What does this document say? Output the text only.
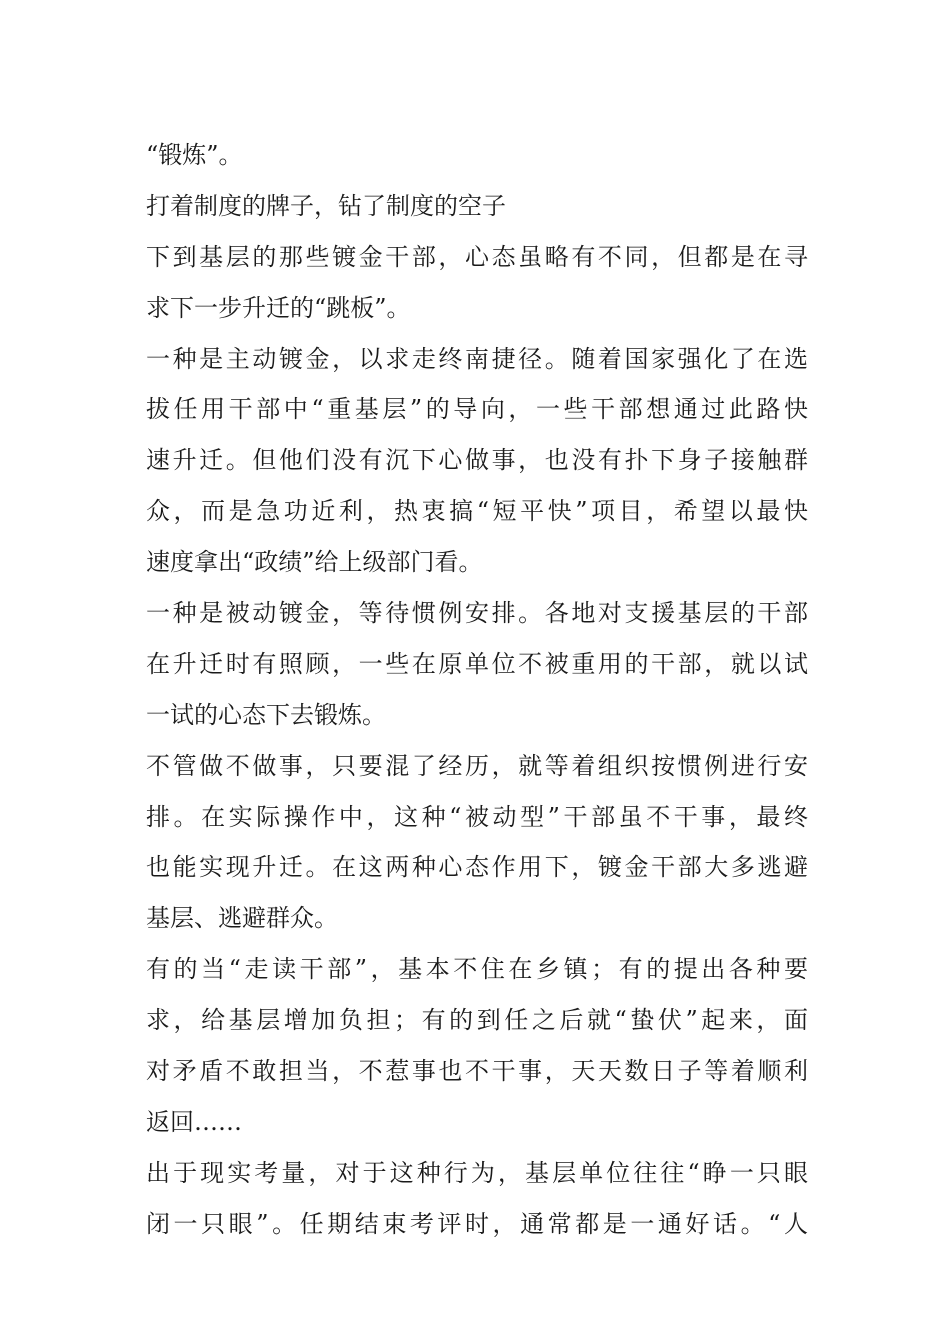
“锻炼”。
打着制度的牌子，钻了制度的空子
下到基层的那些镀金干部，心态虽略有不同，但都是在寻
求下一步升迁的“跳板”。
一种是主动镀金，以求走终南捷径。随着国家强化了在选
拔任用干部中“重基层”的导向，一些干部想通过此路快
速升迁。但他们没有沉下心做事，也没有扑下身子接触群
众，而是急功近利，热衷搞“短平快”项目，希望以最快
速度拿出“政绩”给上级部门看。
一种是被动镀金，等待惯例安排。各地对支援基层的干部
在升迁时有照顾，一些在原单位不被重用的干部，就以试
一试的心态下去锻炼。
不管做不做事，只要混了经历，就等着组织按惯例进行安
排。在实际操作中，这种“被动型”干部虽不干事，最终
也能实现升迁。在这两种心态作用下，镀金干部大多逃避
基层、逃避群众。
有的当“走读干部”，基本不住在乡镇；有的提出各种要
求，给基层增加负担；有的到任之后就“蛰伏”起来，面
对矛盾不敢担当，不惹事也不干事，天天数日子等着顺利
返回……
出于现实考量，对于这种行为，基层单位往往“睁一只眼
闭一只眼”。任期结束考评时，通常都是一通好话。“人
